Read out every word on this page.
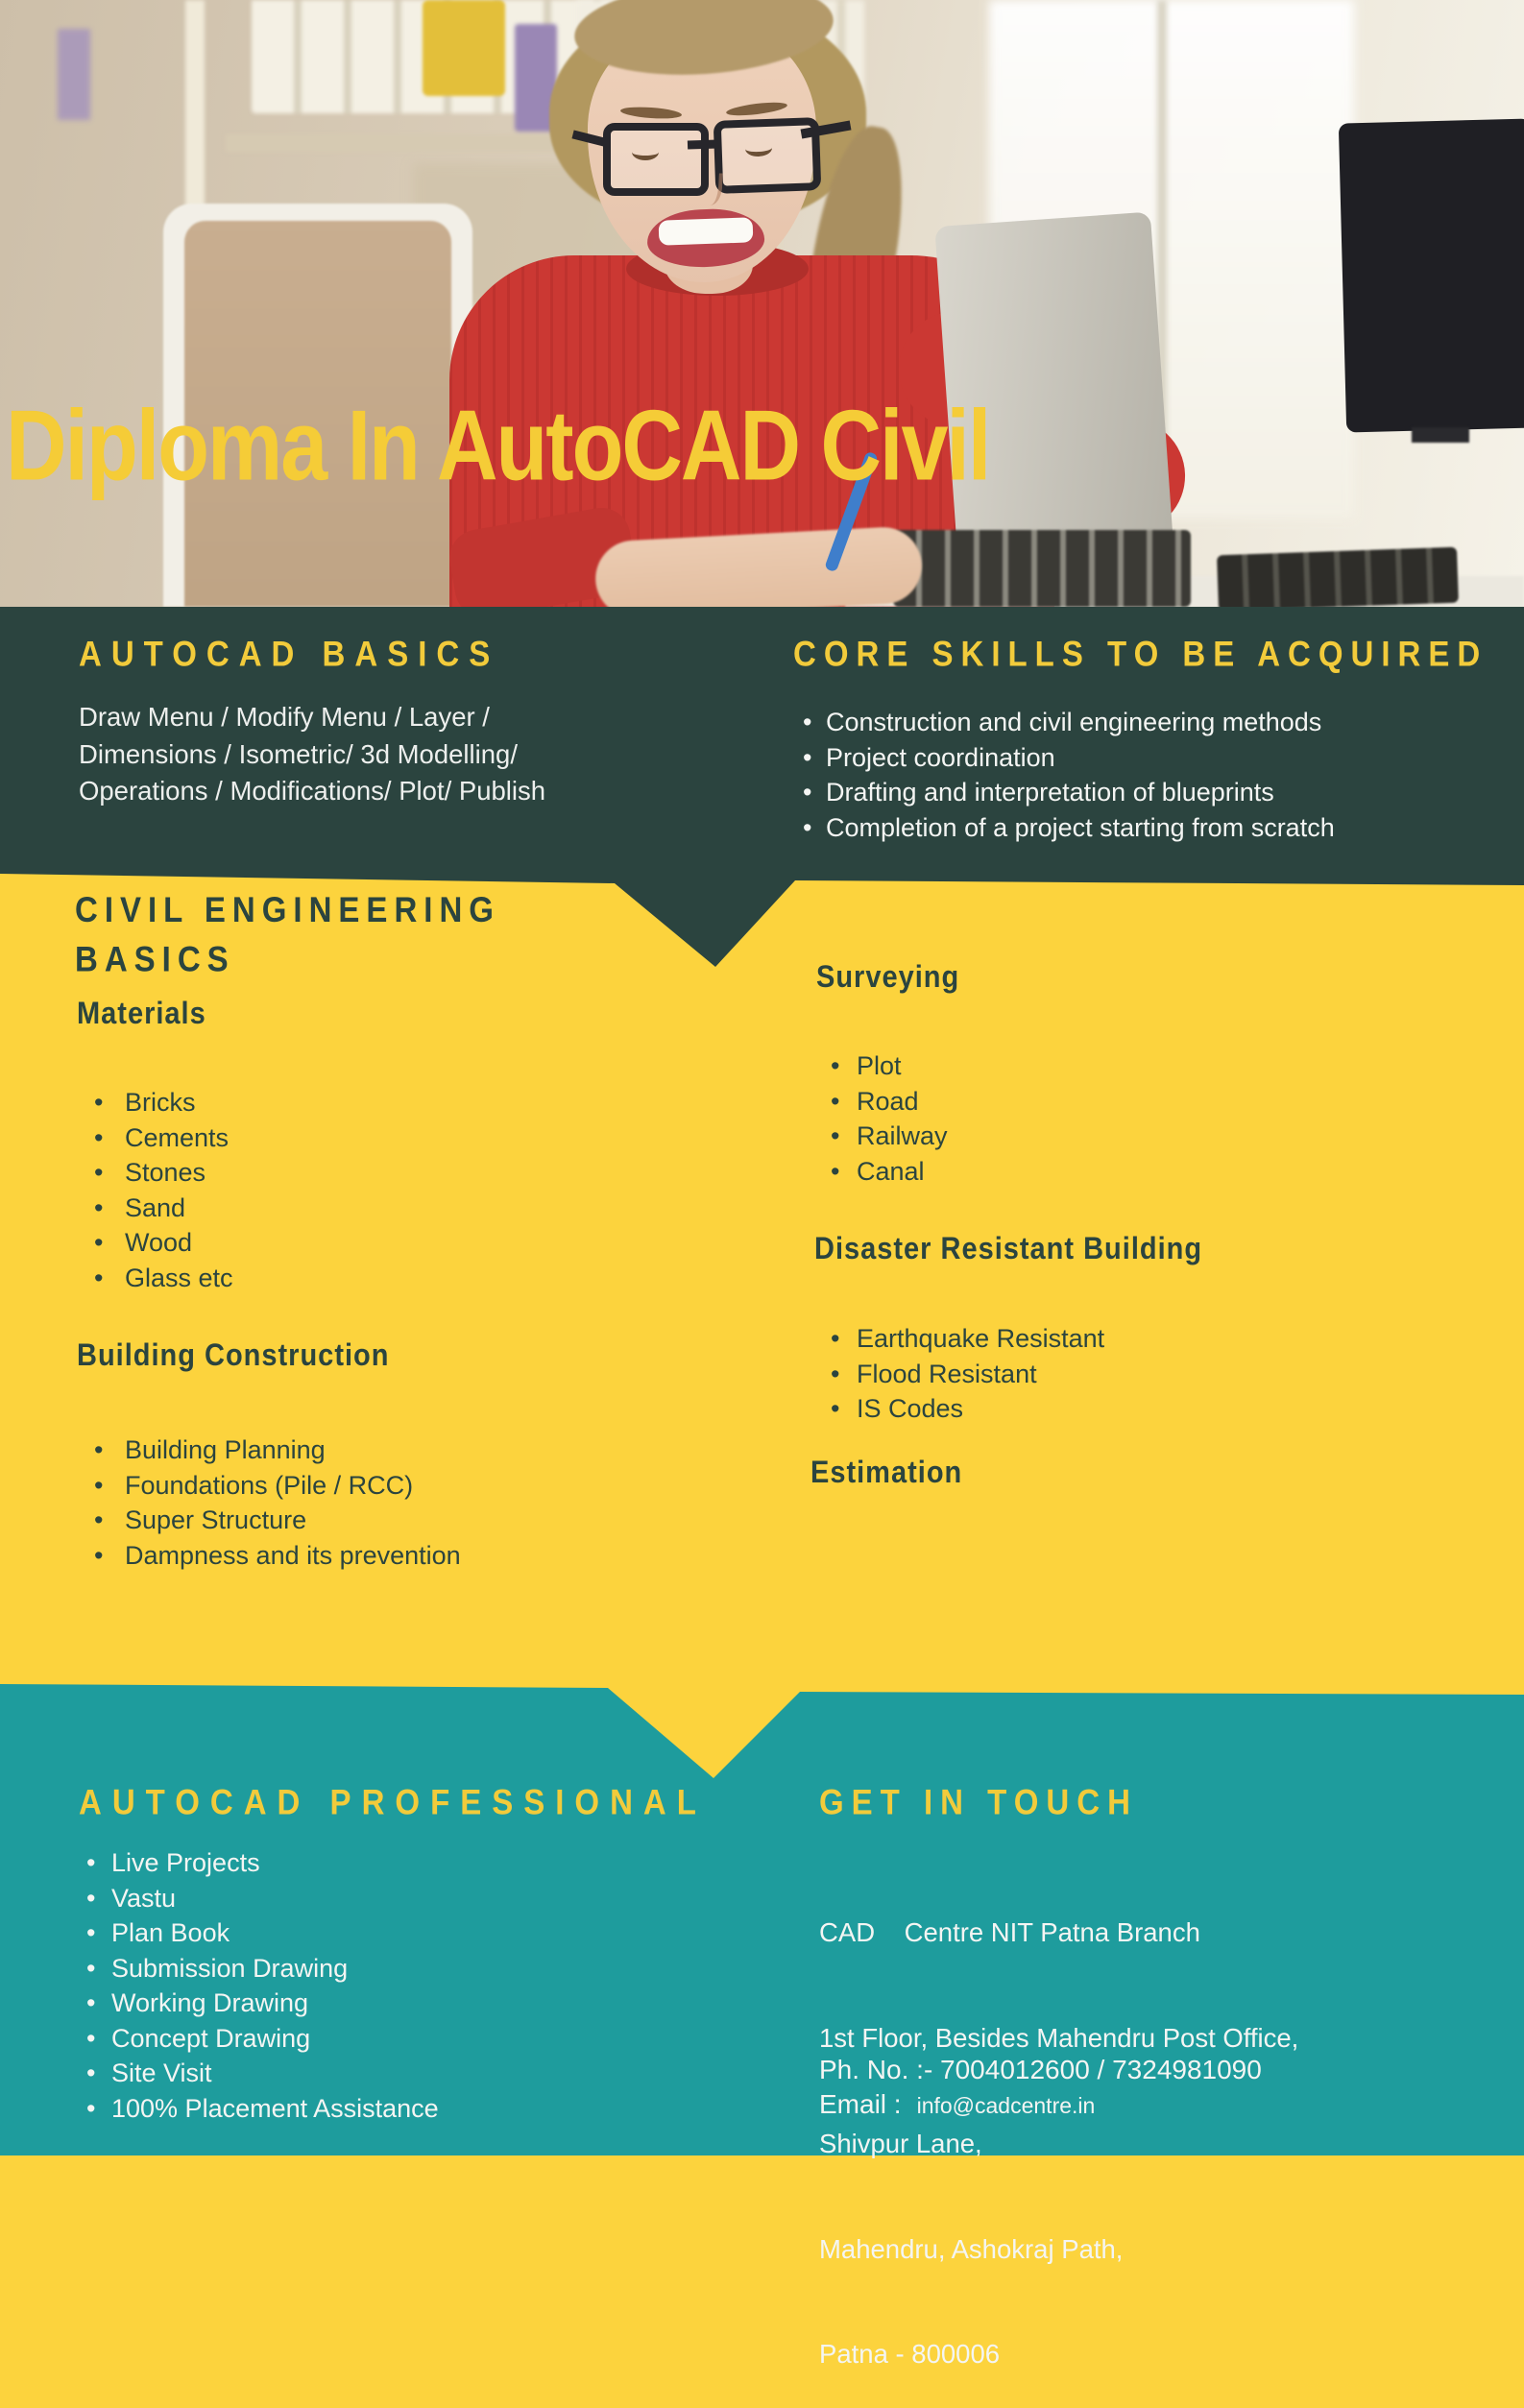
Diploma In AutoCAD Civil
AUTOCAD BASICS
Draw Menu / Modify Menu / Layer /
Dimensions / Isometric/ 3d Modelling/
Operations / Modifications/ Plot/ Publish
CORE SKILLS TO BE ACQUIRED
• Construction and civil engineering methods
• Project coordination
• Drafting and interpretation of blueprints
• Completion of a project starting from scratch
CIVIL ENGINEERING BASICS
Materials
• Bricks
• Cements
• Stones
• Sand
• Wood
• Glass etc
Building Construction
• Building Planning
• Foundations (Pile / RCC)
• Super Structure
• Dampness and its prevention
Surveying
• Plot
• Road
• Railway
• Canal
Disaster Resistant Building
• Earthquake Resistant
• Flood Resistant
• IS Codes
Estimation
AUTOCAD PROFESSIONAL
• Live Projects
• Vastu
• Plan Book
• Submission Drawing
• Working Drawing
• Concept Drawing
• Site Visit
• 100% Placement Assistance
GET IN TOUCH

CAD    Centre NIT Patna Branch

1st Floor, Besides Mahendru Post Office,

Shivpur Lane,

Mahendru, Ashokraj Path,

Patna - 800006

Ph. No. :- 7004012600 / 7324981090
Email : info@cadcentre.in
